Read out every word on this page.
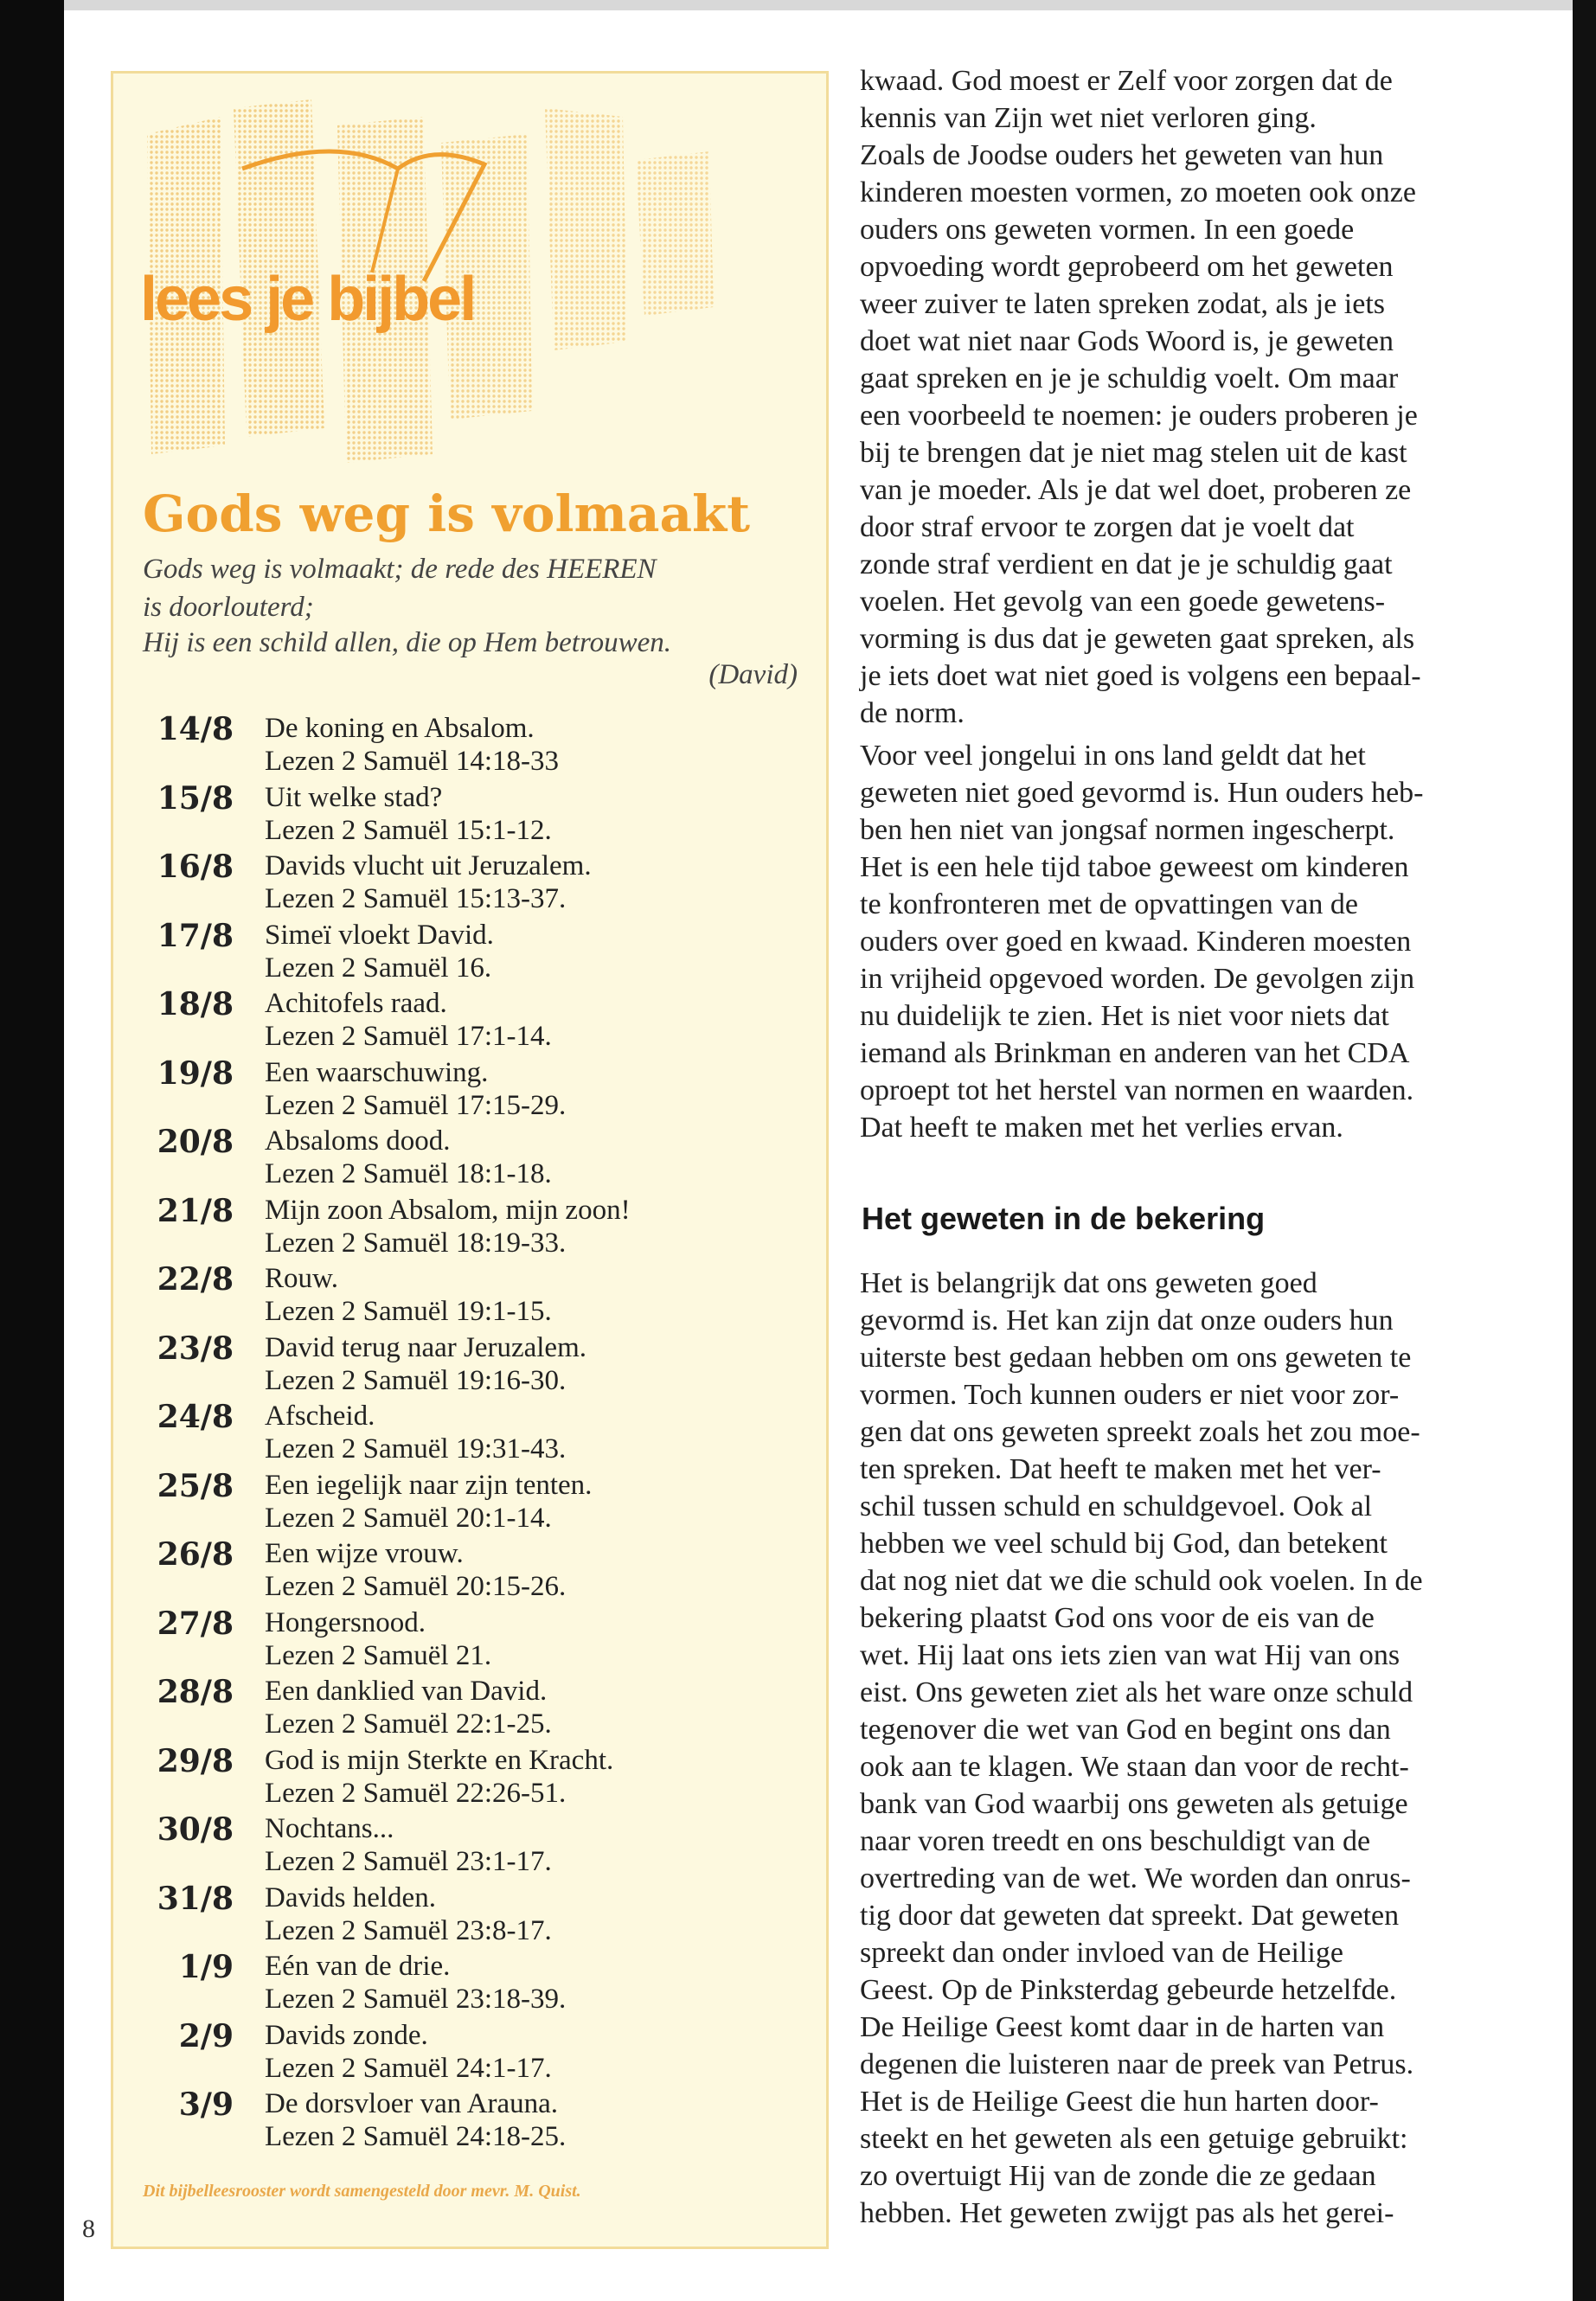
8
lees je bijbel
Gods weg is volmaakt
Gods weg is volmaakt; de rede des HEEREN
is doorlouterd;
Hij is een schild allen, die op Hem betrouwen.
(David)
Dit bijbelleesrooster wordt samengesteld door mevr. M. Quist.
kwaad. God moest er Zelf voor zorgen dat de
kennis van Zijn wet niet verloren ging.
Zoals de Joodse ouders het geweten van hun
kinderen moesten vormen, zo moeten ook onze
ouders ons geweten vormen. In een goede
opvoeding wordt geprobeerd om het geweten
weer zuiver te laten spreken zodat, als je iets
doet wat niet naar Gods Woord is, je geweten
gaat spreken en je je schuldig voelt. Om maar
een voorbeeld te noemen: je ouders proberen je
bij te brengen dat je niet mag stelen uit de kast
van je moeder. Als je dat wel doet, proberen ze
door straf ervoor te zorgen dat je voelt dat
zonde straf verdient en dat je je schuldig gaat
voelen. Het gevolg van een goede gewetens-
vorming is dus dat je geweten gaat spreken, als
je iets doet wat niet goed is volgens een bepaal-
de norm.
Voor veel jongelui in ons land geldt dat het
geweten niet goed gevormd is. Hun ouders heb-
ben hen niet van jongsaf normen ingescherpt.
Het is een hele tijd taboe geweest om kinderen
te konfronteren met de opvattingen van de
ouders over goed en kwaad. Kinderen moesten
in vrijheid opgevoed worden. De gevolgen zijn
nu duidelijk te zien. Het is niet voor niets dat
iemand als Brinkman en anderen van het CDA
oproept tot het herstel van normen en waarden.
Dat heeft te maken met het verlies ervan.
Het geweten in de bekering
Het is belangrijk dat ons geweten goed
gevormd is. Het kan zijn dat onze ouders hun
uiterste best gedaan hebben om ons geweten te
vormen. Toch kunnen ouders er niet voor zor-
gen dat ons geweten spreekt zoals het zou moe-
ten spreken. Dat heeft te maken met het ver-
schil tussen schuld en schuldgevoel. Ook al
hebben we veel schuld bij God, dan betekent
dat nog niet dat we die schuld ook voelen. In de
bekering plaatst God ons voor de eis van de
wet. Hij laat ons iets zien van wat Hij van ons
eist. Ons geweten ziet als het ware onze schuld
tegenover die wet van God en begint ons dan
ook aan te klagen. We staan dan voor de recht-
bank van God waarbij ons geweten als getuige
naar voren treedt en ons beschuldigt van de
overtreding van de wet. We worden dan onrus-
tig door dat geweten dat spreekt. Dat geweten
spreekt dan onder invloed van de Heilige
Geest. Op de Pinksterdag gebeurde hetzelfde.
De Heilige Geest komt daar in de harten van
degenen die luisteren naar de preek van Petrus.
Het is de Heilige Geest die hun harten door-
steekt en het geweten als een getuige gebruikt:
zo overtuigt Hij van de zonde die ze gedaan
hebben. Het geweten zwijgt pas als het gerei-
14/8 De koning en Absalom.
Lezen 2 Samuël 14:18-33
15/8 Uit welke stad?
Lezen 2 Samuël 15:1-12.
16/8 Davids vlucht uit Jeruzalem.
Lezen 2 Samuël 15:13-37.
17/8 Simeï vloekt David.
Lezen 2 Samuël 16.
18/8 Achitofels raad.
Lezen 2 Samuël 17:1-14.
19/8 Een waarschuwing.
Lezen 2 Samuël 17:15-29.
20/8 Absaloms dood.
Lezen 2 Samuël 18:1-18.
21/8 Mijn zoon Absalom, mijn zoon!
Lezen 2 Samuël 18:19-33.
22/8 Rouw.
Lezen 2 Samuël 19:1-15.
23/8 David terug naar Jeruzalem.
Lezen 2 Samuël 19:16-30.
24/8 Afscheid.
Lezen 2 Samuël 19:31-43.
25/8 Een iegelijk naar zijn tenten.
Lezen 2 Samuël 20:1-14.
26/8 Een wijze vrouw.
Lezen 2 Samuël 20:15-26.
27/8 Hongersnood.
Lezen 2 Samuël 21.
28/8 Een danklied van David.
Lezen 2 Samuël 22:1-25.
29/8 God is mijn Sterkte en Kracht.
Lezen 2 Samuël 22:26-51.
30/8 Nochtans...
Lezen 2 Samuël 23:1-17.
31/8 Davids helden.
Lezen 2 Samuël 23:8-17.
1/9 Eén van de drie.
Lezen 2 Samuël 23:18-39.
2/9 Davids zonde.
Lezen 2 Samuël 24:1-17.
3/9 De dorsvloer van Arauna.
Lezen 2 Samuël 24:18-25.
